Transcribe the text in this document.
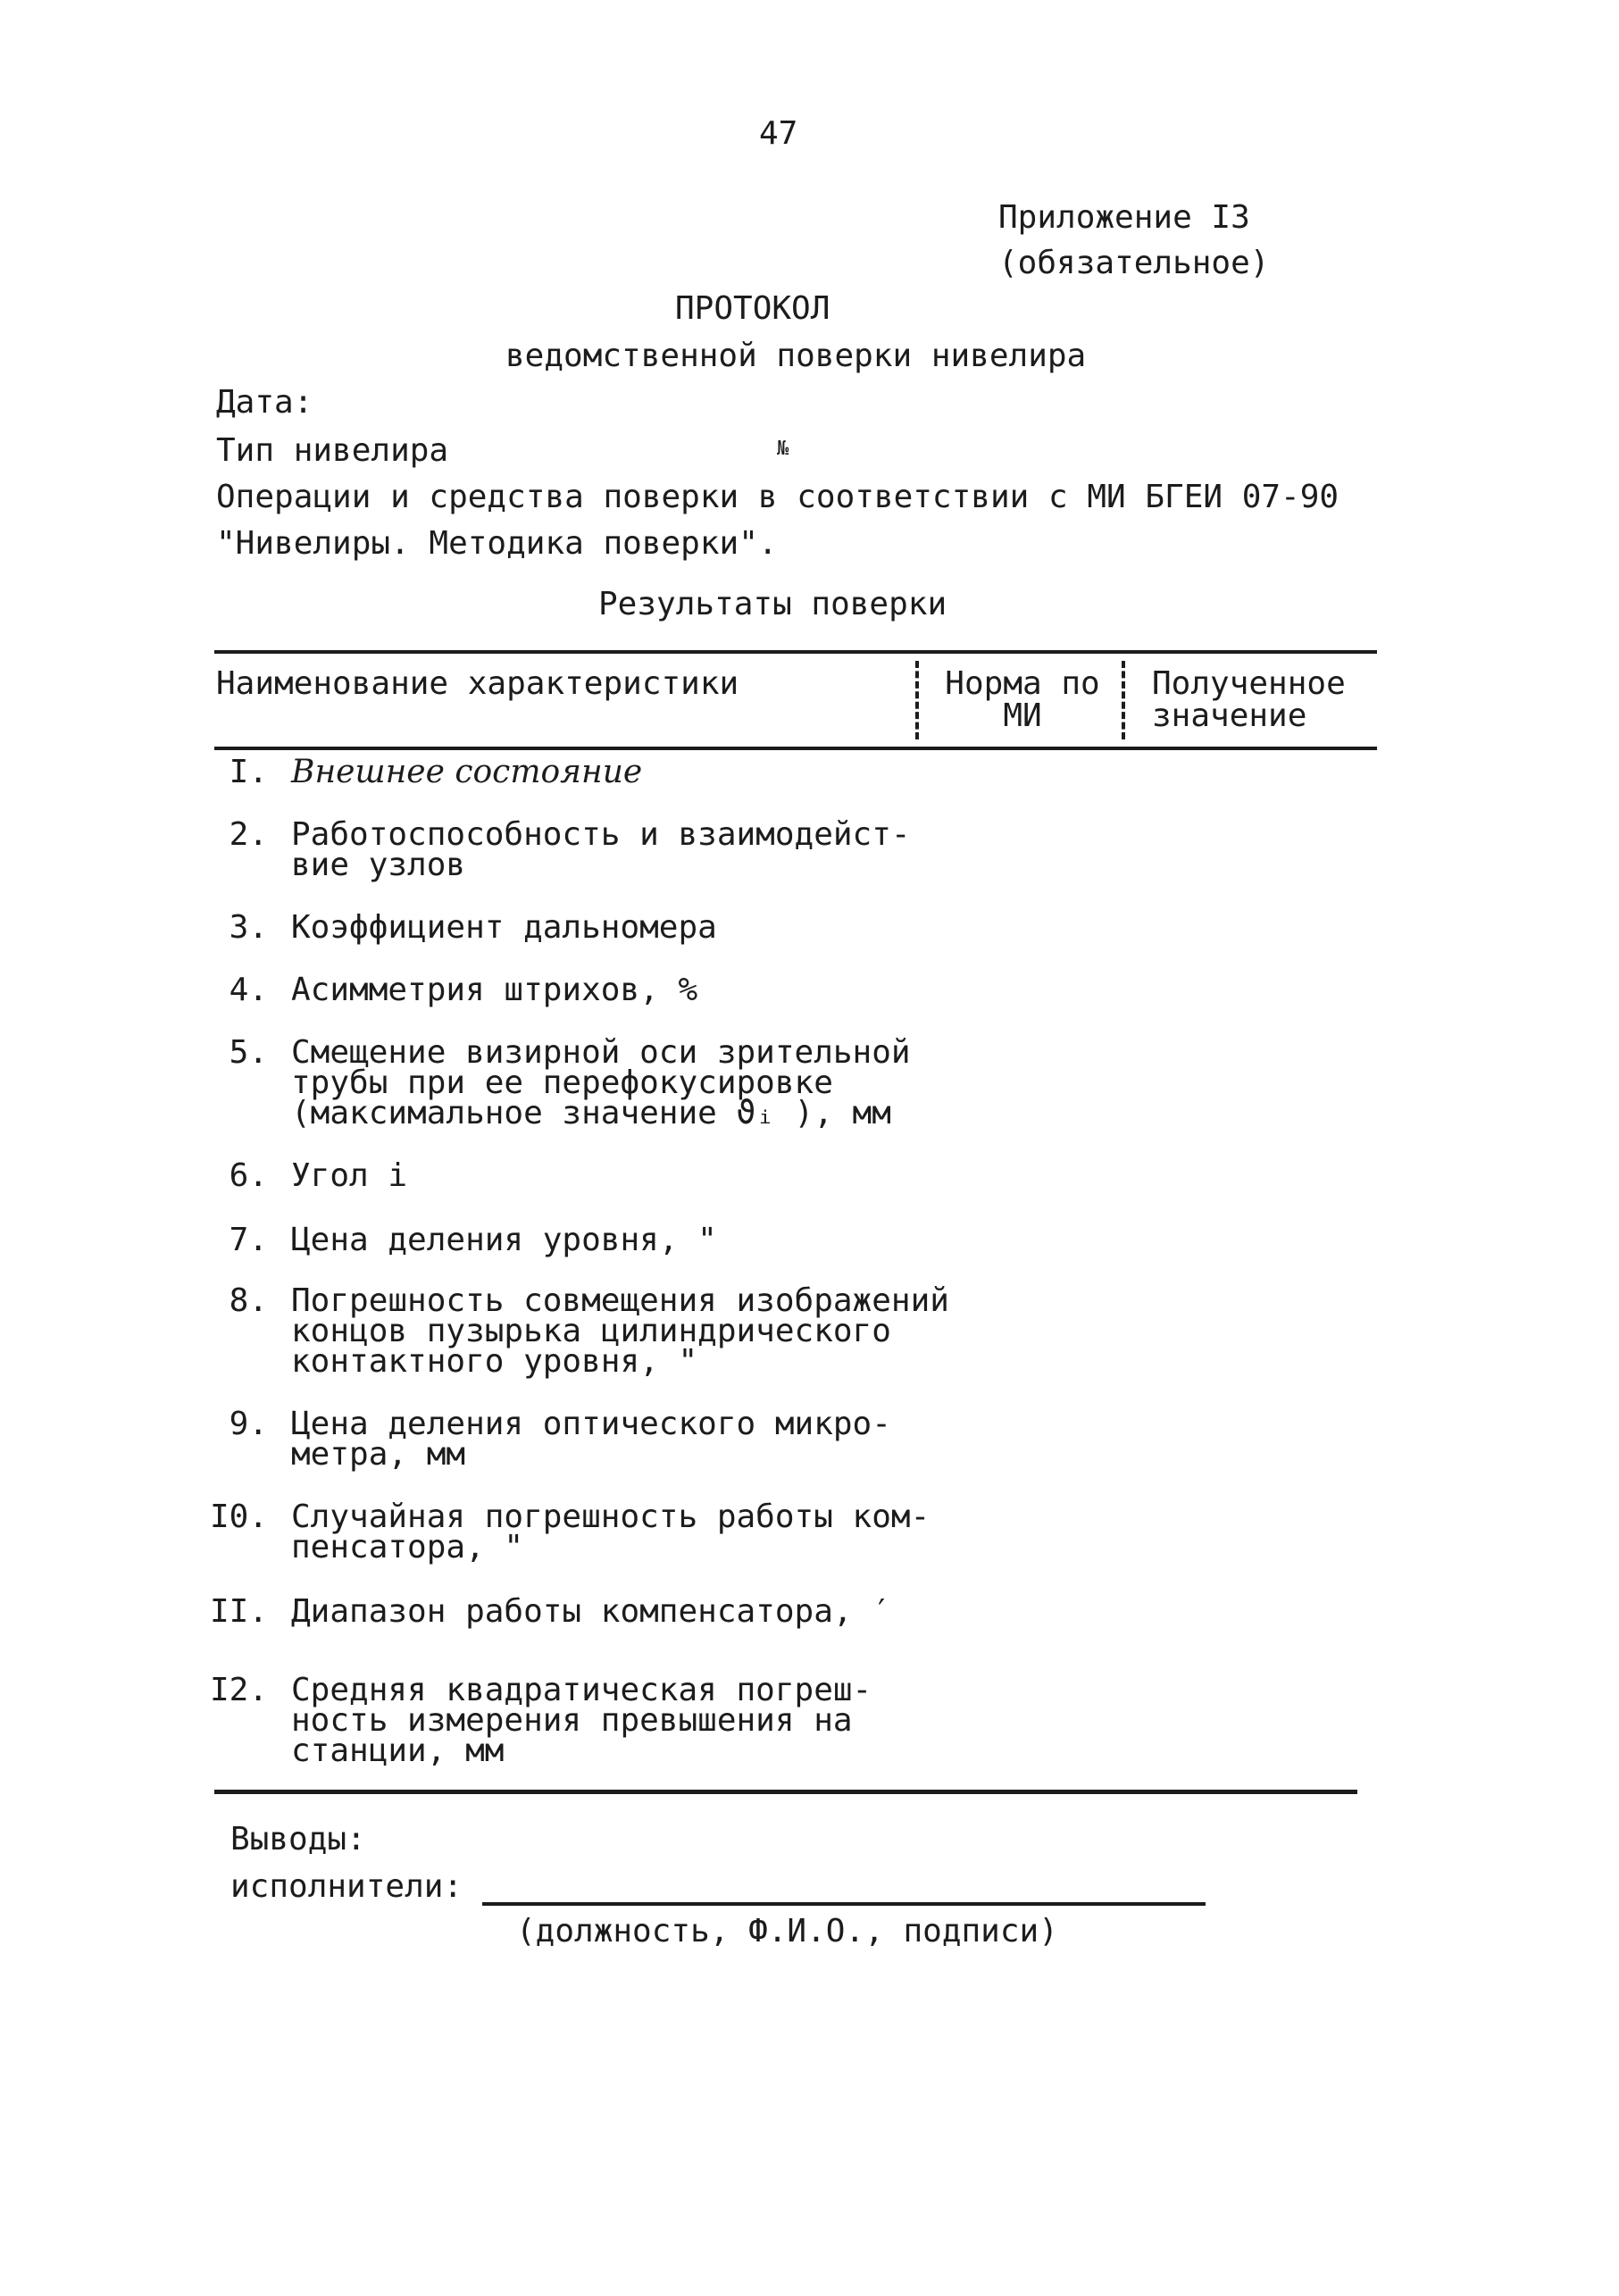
47
Приложение I3
(обязательное)
ПРОТОКОЛ
ведомственной поверки нивелира
Дата:
Тип нивелира	№
Операции и средства поверки в соответствии с МИ БГЕИ 07-90
"Нивелиры. Методика поверки".
Результаты поверки
Наименование характеристики	Норма по
МИ
Полученное
значение
I. Внешнее состояние
2. Работоспособность и взаимодейст-
вие узлов
3. Коэффициент дальномера
4. Асимметрия штрихов, %
5. Смещение визирной оси зрительной
трубы при ее перефокусировке
(максимальное значение ϑᵢ ), мм
6. Угол i
7. Цена деления уровня, "
8. Погрешность совмещения изображений
концов пузырька цилиндрического
контактного уровня, "
9. Цена деления оптического микро-
метра, мм
I0. Случайная погрешность работы ком-
пенсатора, "
II. Диапазон работы компенсатора, ′
I2. Средняя квадратическая погреш-
ность измерения превышения на
станции, мм
Выводы:
исполнители:
(должность, Ф.И.О., подписи)
